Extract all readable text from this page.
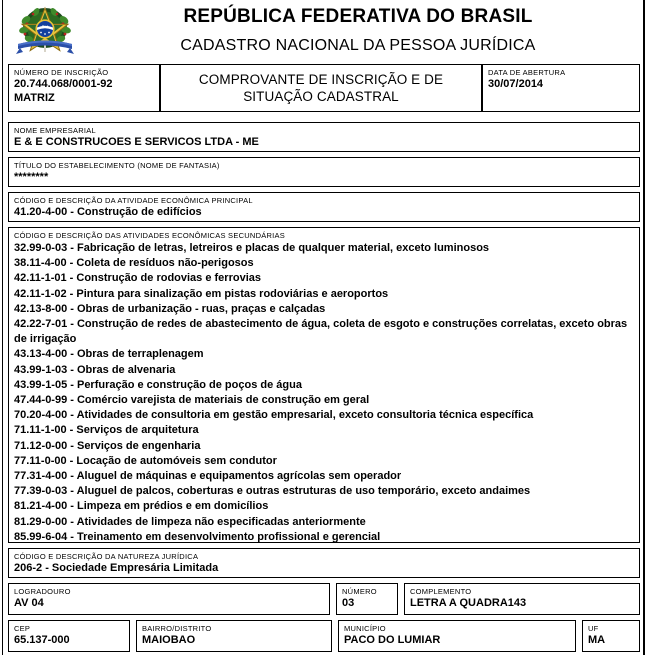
REPÚBLICA FEDERATIVA DO BRASIL
CADASTRO NACIONAL DA PESSOA JURÍDICA
NÚMERO DE INSCRIÇÃO
20.744.068/0001-92
MATRIZ
COMPROVANTE DE INSCRIÇÃO E DE SITUAÇÃO CADASTRAL
DATA DE ABERTURA
30/07/2014
NOME EMPRESARIAL
E & E CONSTRUCOES E SERVICOS LTDA - ME
TÍTULO DO ESTABELECIMENTO (NOME DE FANTASIA)
********
CÓDIGO E DESCRIÇÃO DA ATIVIDADE ECONÔMICA PRINCIPAL
41.20-4-00 - Construção de edifícios
CÓDIGO E DESCRIÇÃO DAS ATIVIDADES ECONÔMICAS SECUNDÁRIAS
32.99-0-03 - Fabricação de letras, letreiros e placas de qualquer material, exceto luminosos
38.11-4-00 - Coleta de resíduos não-perigosos
42.11-1-01 - Construção de rodovias e ferrovias
42.11-1-02 - Pintura para sinalização em pistas rodoviárias e aeroportos
42.13-8-00 - Obras de urbanização - ruas, praças e calçadas
42.22-7-01 - Construção de redes de abastecimento de água, coleta de esgoto e construções correlatas, exceto obras de irrigação
43.13-4-00 - Obras de terraplenagem
43.99-1-03 - Obras de alvenaria
43.99-1-05 - Perfuração e construção de poços de água
47.44-0-99 - Comércio varejista de materiais de construção em geral
70.20-4-00 - Atividades de consultoria em gestão empresarial, exceto consultoria técnica específica
71.11-1-00 - Serviços de arquitetura
71.12-0-00 - Serviços de engenharia
77.11-0-00 - Locação de automóveis sem condutor
77.31-4-00 - Aluguel de máquinas e equipamentos agrícolas sem operador
77.39-0-03 - Aluguel de palcos, coberturas e outras estruturas de uso temporário, exceto andaimes
81.21-4-00 - Limpeza em prédios e em domicílios
81.29-0-00 - Atividades de limpeza não especificadas anteriormente
85.99-6-04 - Treinamento em desenvolvimento profissional e gerencial
CÓDIGO E DESCRIÇÃO DA NATUREZA JURÍDICA
206-2 - Sociedade Empresária Limitada
LOGRADOURO
AV 04
NÚMERO
03
COMPLEMENTO
LETRA A QUADRA143
CEP
65.137-000
BAIRRO/DISTRITO
MAIOBAO
MUNICÍPIO
PACO DO LUMIAR
UF
MA
